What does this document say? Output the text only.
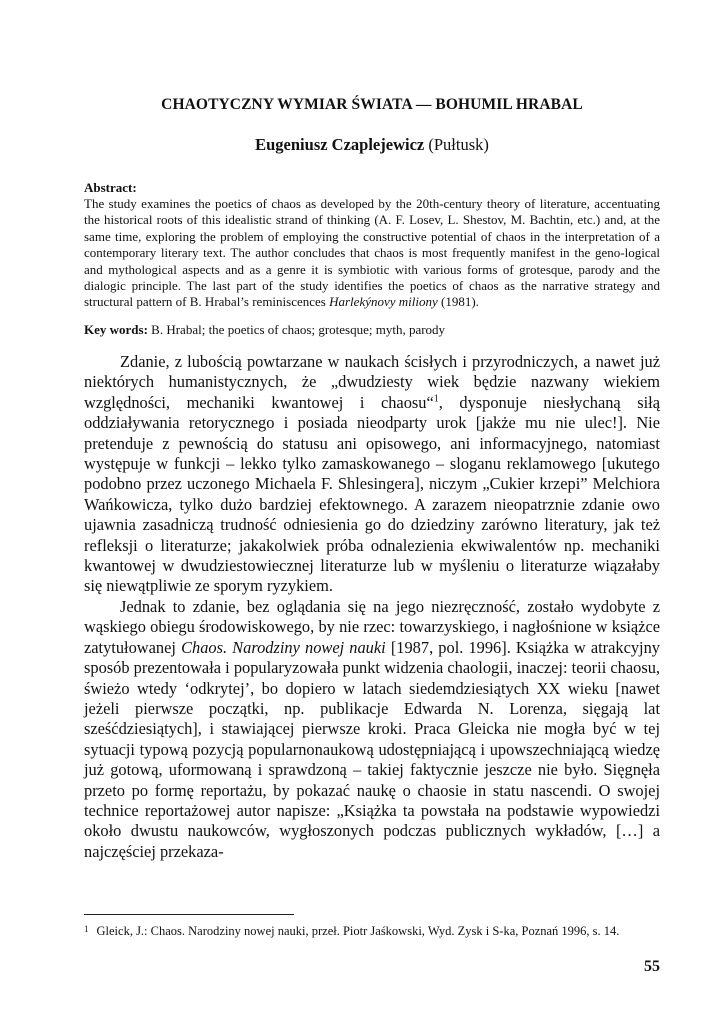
CHAOTYCZNY WYMIAR ŚWIATA — BOHUMIL HRABAL
Eugeniusz Czaplejewicz (Pułtusk)
Abstract:
The study examines the poetics of chaos as developed by the 20th-century theory of literature, accentuating the historical roots of this idealistic strand of thinking (A. F. Losev, L. Shestov, M. Bachtin, etc.) and, at the same time, exploring the problem of employing the constructive potential of chaos in the interpretation of a contemporary literary text. The author concludes that chaos is most frequently manifest in the geno-logical and mythological aspects and as a genre it is symbiotic with various forms of grotesque, parody and the dialogic principle. The last part of the study identifies the poetics of chaos as the narrative strategy and structural pattern of B. Hrabal’s reminiscences Harlekýnovy miliony (1981).
Key words: B. Hrabal; the poetics of chaos; grotesque; myth, parody

Zdanie, z lubością powtarzane w naukach ścisłych i przyrodniczych, a nawet już niektórych humanistycznych, że „dwudziesty wiek będzie nazwany wiekiem względności, mechaniki kwantowej i chaosu“$^1$, dysponuje niesłychaną siłą oddziaływania retorycznego i posiada nieodparty urok [jakże mu nie ulec!]. Nie pretenduje z pewnością do statusu ani opisowego, ani informacyjnego, natomiast występuje w funkcji – lekko tylko zamaskowanego – sloganu reklamowego [ukutego podobno przez uczonego Michaela F. Shlesingera], niczym „Cukier krzepi” Melchiora Wańkowicza, tylko dużo bardziej efektownego. A zarazem nieopatrznie zdanie owo ujawnia zasadniczą trudność odniesienia go do dziedziny zarówno literatury, jak też refleksji o literaturze; jakakolwiek próba odnalezienia ekwiwalentów np. mechaniki kwantowej w dwudziestowiecznej literaturze lub w myśleniu o literaturze wiązałaby się niewątpliwie ze sporym ryzykiem.

Jednak to zdanie, bez oglądania się na jego niezręczność, zostało wydobyte z wąskiego obiegu środowiskowego, by nie rzec: towarzyskiego, i nagłośnione w książce zatytułowanej Chaos. Narodziny nowej nauki [1987, pol. 1996]. Książka w atrakcyjny sposób prezentowała i popularyzowała punkt widzenia chaologii, inaczej: teorii chaosu, świeżo wtedy ‘odkrytej’, bo dopiero w latach siedemdziesiątych XX wieku [nawet jeżeli pierwsze początki, np. publikacje Edwarda N. Lorenza, sięgają lat sześćdziesiątych], i stawiającej pierwsze kroki. Praca Gleicka nie mogła być w tej sytuacji typową pozycją popularnonaukową udostępniającą i upowszechniającą wiedzę już gotową, uformowaną i sprawdzoną – takiej faktycznie jeszcze nie było. Sięgnęła przeto po formę reportażu, by pokazać naukę o chaosie in statu nascendi. O swojej technice reportażowej autor napisze: „Książka ta powstała na podstawie wypowiedzi około dwustu naukowców, wygłoszonych podczas publicznych wykładów, […] a najczęściej przekaza-

$^1$ Gleick, J.: Chaos. Narodziny nowej nauki, przeł. Piotr Jaśkowski, Wyd. Zysk i S-ka, Poznań 1996, s. 14.
55
